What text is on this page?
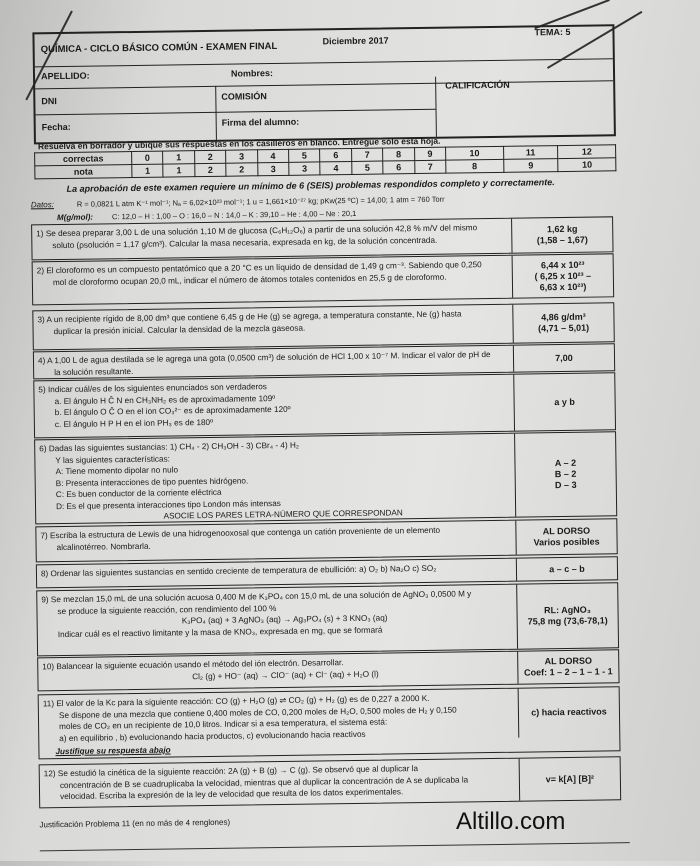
QUÍMICA - CICLO BÁSICO COMÚN - EXAMEN FINAL
Diciembre 2017
TEMA: 5
APELLIDO:	Nombres:
DNI	COMISIÓN
CALIFICACIÓN
Fecha:	Firma del alumno:
Resuelva en borrador y ubique sus respuestas en los casilleros en blanco. Entregue sólo esta hoja.
correctas	0	1	2	3	4	5	6	7	8	9	10	11	12
nota	1	1	2	2	3	3	4	5	6	7	8	9	10
La aprobación de este examen requiere un mínimo de 6 (SEIS) problemas respondidos completo y correctamente.
Datos:	R = 0,0821 L atm K⁻¹ mol⁻¹; Nₐ = 6,02×10²³ mol⁻¹; 1 u = 1,661×10⁻²⁷ kg; pKw(25 ºC) = 14,00; 1 atm = 760 Torr
M(g/mol):	C: 12,0 – H : 1,00 – O : 16,0 – N : 14,0 – K : 39,10 – He : 4,00 – Ne : 20,1
1) Se desea preparar 3,00 L de una solución 1,10 M de glucosa (C₆H₁₂O₆) a partir de una solución 42,8 % m/V del mismo
soluto (ρsolución = 1,17 g/cm³). Calcular la masa necesaria, expresada en kg, de la solución concentrada.
1,62 kg
(1,58 – 1,67)
2) El cloroformo es un compuesto pentatómico que a 20 °C es un líquido de densidad de 1,49 g cm⁻³. Sabiendo que 0,250
mol de cloroformo ocupan 20,0 mL, indicar el número de átomos totales contenidos en 25,5 g de cloroformo.
6,44 x 10²³
( 6,25 x 10²³ –
6,63 x 10²³)
3) A un recipiente rígido de 8,00 dm³ que contiene 6,45 g de He (g) se agrega, a temperatura constante, Ne (g) hasta
duplicar la presión inicial. Calcular la densidad de la mezcla gaseosa.
4,86 g/dm³
(4,71 – 5,01)
4) A 1,00 L de agua destilada se le agrega una gota (0,0500 cm³) de solución de HCl 1,00 x 10⁻⁷ M. Indicar el valor de pH de
la solución resultante.
7,00
5) Indicar cuál/es de los siguientes enunciados son verdaderos
a. El ángulo H Ĉ N en CH₃NH₂ es de aproximadamente 109º
b. El ángulo O Ĉ O en el ion CO₃²⁻ es de aproximadamente 120º
c. El ángulo H P H en el ion PH₃ es de 180º
a y b
6) Dadas las siguientes sustancias: 1) CH₄ - 2) CH₃OH - 3) CBr₄ - 4) H₂
Y las siguientes características:
A: Tiene momento dipolar no nulo
B: Presenta interacciones de tipo puentes hidrógeno.
C: Es buen conductor de la corriente eléctrica
D: Es el que presenta interacciones tipo London más intensas
ASOCIE LOS PARES LETRA-NÚMERO QUE CORRESPONDAN
A – 2
B – 2
D – 3
7) Escriba la estructura de Lewis de una hidrogenooxosal que contenga un catión proveniente de un elemento
alcalinotérreo. Nombrarla.
AL DORSO
Varios posibles
8) Ordenar las siguientes sustancias en sentido creciente de temperatura de ebullición: a) O₂ b) Na₂O c) SO₂	a – c – b
9) Se mezclan 15,0 mL de una solución acuosa 0,400 M de K₃PO₄ con 15,0 mL de una solución de AgNO₃ 0,0500 M y
se produce la siguiente reacción, con rendimiento del 100 %
K₃PO₄ (aq) + 3 AgNO₃ (aq) → Ag₃PO₄ (s) + 3 KNO₃ (aq)
Indicar cuál es el reactivo limitante y la masa de KNO₃, expresada en mg, que se formará
RL: AgNO₃
75,8 mg (73,6-78,1)
10) Balancear la siguiente ecuación usando el método del ión electrón. Desarrollar.
Cl₂ (g) + HO⁻ (aq) → ClO⁻ (aq) + Cl⁻ (aq) + H₂O (l)
AL DORSO
Coef: 1 – 2 – 1 – 1 - 1
11) El valor de la Kc para la siguiente reacción: CO (g) + H₂O (g) ⇌ CO₂ (g) + H₂ (g) es de 0,227 a 2000 K.
Se dispone de una mezcla que contiene 0,400 moles de CO, 0,200 moles de H₂O, 0,500 moles de H₂ y 0,150
moles de CO₂ en un recipiente de 10,0 litros. Indicar si a esa temperatura, el sistema está:
a) en equilibrio , b) evolucionando hacia productos, c) evolucionando hacia reactivos
Justifique su respuesta abajo
c) hacia reactivos
12) Se estudió la cinética de la siguiente reacción: 2A (g) + B (g) → C (g). Se observó que al duplicar la
concentración de B se cuadruplicaba la velocidad, mientras que al duplicar la concentración de A se duplicaba la
velocidad. Escriba la expresión de la ley de velocidad que resulta de los datos experimentales.
v= k[A] [B]²
Justificación Problema 11 (en no más de 4 renglones)	Altillo.com
